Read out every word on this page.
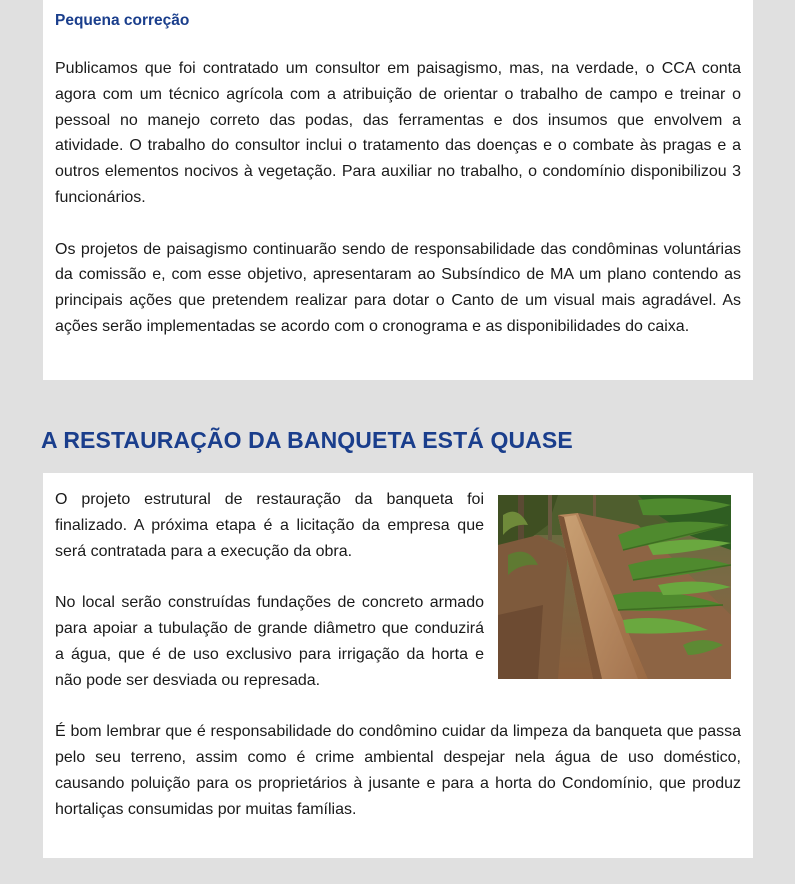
Pequena correção

Publicamos que foi contratado um consultor em paisagismo, mas, na verdade, o CCA conta agora com um técnico agrícola com a atribuição de orientar o trabalho de campo e treinar o pessoal no manejo correto das podas, das ferramentas e dos insumos que envolvem a atividade. O trabalho do consultor inclui o tratamento das doenças e o combate às pragas e a outros elementos nocivos à vegetação. Para auxiliar no trabalho, o condomínio disponibilizou 3 funcionários.

Os projetos de paisagismo continuarão sendo de responsabilidade das condôminas voluntárias da comissão e, com esse objetivo, apresentaram ao Subsíndico de MA um plano contendo as principais ações que pretendem realizar para dotar o Canto de um visual mais agradável. As ações serão implementadas se acordo com o cronograma e as disponibilidades do caixa.

A RESTAURAÇÃO DA BANQUETA ESTÁ QUASE

O projeto estrutural de restauração da banqueta foi finalizado. A próxima etapa é a licitação da empresa que será contratada para a execução da obra.

No local serão construídas fundações de concreto armado para apoiar a tubulação de grande diâmetro que conduzirá a água, que é de uso exclusivo para irrigação da horta e não pode ser desviada ou represada.

É bom lembrar que é responsabilidade do condômino cuidar da limpeza da banqueta que passa pelo seu terreno, assim como é crime ambiental despejar nela água de uso doméstico, causando poluição para os proprietários à jusante e para a horta do Condomínio, que produz hortaliças consumidas por muitas famílias.
